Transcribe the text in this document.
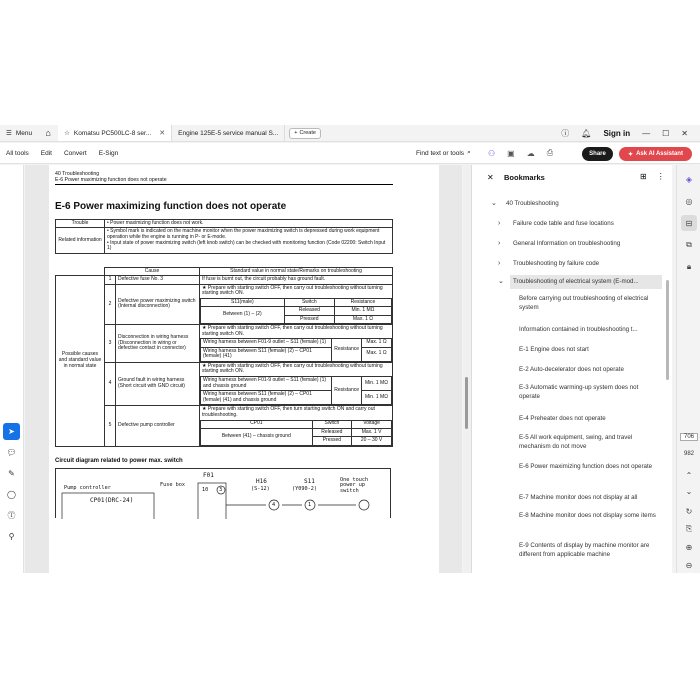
☰ Menu	⌂	☆ Komatsu PC500LC-8 ser... ✕ Engine 125E-5 service manual S...	+ Create	ⓘ 🔔︎ Sign in — ☐ ✕
All tools	Edit	Convert	E-Sign	Find text or tools ⌕ ⚇ ▣ ☁ ⎙	Share	✦ Ask AI Assistant
➤
💬︎
✎
◯
Ⓣ
⚲
40 Troubleshooting
E-6 Power maximizing function does not operate
E-6 Power maximizing function does not operate
Trouble	• Power maximizing function does not work.
Related information	• Symbol mark is indicated on the machine monitor when the power maximizing switch is depressed during work equipment operation while the engine is running in P- or E-mode.
• Input state of power maximizing switch (left knob switch) can be checked with monitoring function (Code 02200: Switch Input 1)
	Cause	Standard value in normal state/Remarks on troubleshooting
Possible causes and standard value in normal state	1	Defective fuse No. 3	If fuse is burnt out, the circuit probably has ground fault.
2	Defective power maximizing switch (Internal disconnection)	
★ Prepare with starting switch OFF, then carry out troubleshooting without turning starting switch ON.
S11(male)	Switch	Resistance
Between (1) – (2)	Released	Min. 1 MΩ
Pressed	Max. 1 Ω

3	Disconnection in wiring harness (Disconnection in wiring or defective contact in connector)	
★ Prepare with starting switch OFF, then carry out troubleshooting without turning starting switch ON.
Wiring harness between F01-9 outlet – S11 (female) (1)	Resistance	Max. 1 Ω
Wiring harness between S11 (female) (2) – CP01 (female) (41)	Max. 1 Ω

4	Ground fault in wiring harness (Short circuit with GND circuit)	
★ Prepare with starting switch OFF, then carry out troubleshooting without turning starting switch ON.
Wiring harness between F01-9 outlet – S11 (female) (1) and chassis ground	Resistance	Min. 1 MΩ
Wiring harness between S11 (female) (2) – CP01 (female) (41) and chassis ground	Min. 1 MΩ

5	Defective pump controller	
★ Prepare with starting switch OFF, then turn starting switch ON and carry out troubleshooting.
CP01	Switch	Voltage
Between (41) – chassis ground	Released	Max. 1 V
Pressed	20 – 30 V
Circuit diagram related to power max. switch
Pump controller
CP01(DRC-24)
Fuse box
F01
10 3
H16
(S-12)
4
S11
(Y090-2)
1
One touch power up switch
✕ Bookmarks	⊞ ⋮
⌄ 40 Troubleshooting
› Failure code table and fuse locations
› General Information on troubleshooting
› Troubleshooting by failure code
⌄ Troubleshooting of electrical system (E-mod...
Before carrying out troubleshooting of electrical system
Information contained in troubleshooting t...
E-1 Engine does not start
E-2 Auto-decelerator does not operate
E-3 Automatic warming-up system does not operate
E-4 Preheater does not operate
E-5 All work equipment, swing, and travel mechanism do not move
E-6 Power maximizing function does not operate
E-7 Machine monitor does not display at all
E-8 Machine monitor does not display some items
E-9 Contents of display by machine monitor are different from applicable machine
◈
◎
⊟
⧉
🔒︎
706
982
⌃
⌄
↻
⎘
⊕
⊖
